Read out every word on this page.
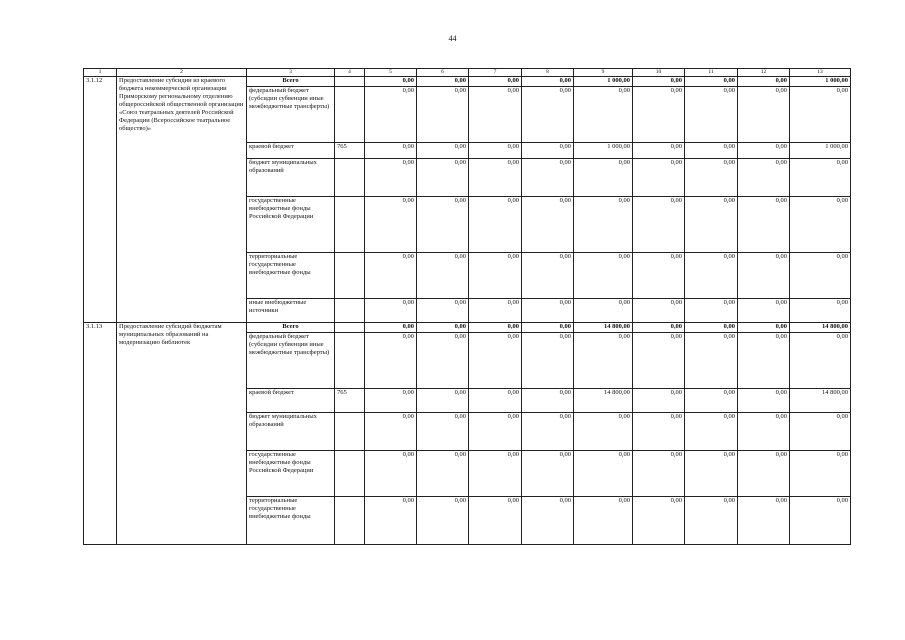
44
1	2	3	4	5	6	7	8	9	10	11	12	13
3.1.12	Предоставление субсидии из краевого бюджета некоммерческой организации Приморскому региональному отделению общероссийской общественной организации «Союз театральных деятелей Российской Федерации (Всероссийское театральное общество)»	Всего		0,00	0,00	0,00	0,00	1 000,00	0,00	0,00	0,00	1 000,00
		федеральный бюджет (субсидии субвенции иные межбюджетные трансферты)		0,00	0,00	0,00	0,00	0,00	0,00	0,00	0,00	0,00
		краевой бюджет	765	0,00	0,00	0,00	0,00	1 000,00	0,00	0,00	0,00	1 000,00
		бюджет муниципальных образований		0,00	0,00	0,00	0,00	0,00	0,00	0,00	0,00	0,00
		государственные внебюджетные фонды Российской Федерации		0,00	0,00	0,00	0,00	0,00	0,00	0,00	0,00	0,00
		территориальные государственные внебюджетные фонды		0,00	0,00	0,00	0,00	0,00	0,00	0,00	0,00	0,00
		иные внебюджетные источники		0,00	0,00	0,00	0,00	0,00	0,00	0,00	0,00	0,00
3.1.13	Предоставление субсидий бюджетам муниципальных образований на модернизацию библиотек	Всего		0,00	0,00	0,00	0,00	14 800,00	0,00	0,00	0,00	14 800,00
		федеральный бюджет (субсидии субвенции иные межбюджетные трансферты)		0,00	0,00	0,00	0,00	0,00	0,00	0,00	0,00	0,00
		краевой бюджет	765	0,00	0,00	0,00	0,00	14 800,00	0,00	0,00	0,00	14 800,00
		бюджет муниципальных образований		0,00	0,00	0,00	0,00	0,00	0,00	0,00	0,00	0,00
		государственные внебюджетные фонды Российской Федерации		0,00	0,00	0,00	0,00	0,00	0,00	0,00	0,00	0,00
		территориальные государственные внебюджетные фонды		0,00	0,00	0,00	0,00	0,00	0,00	0,00	0,00	0,00
